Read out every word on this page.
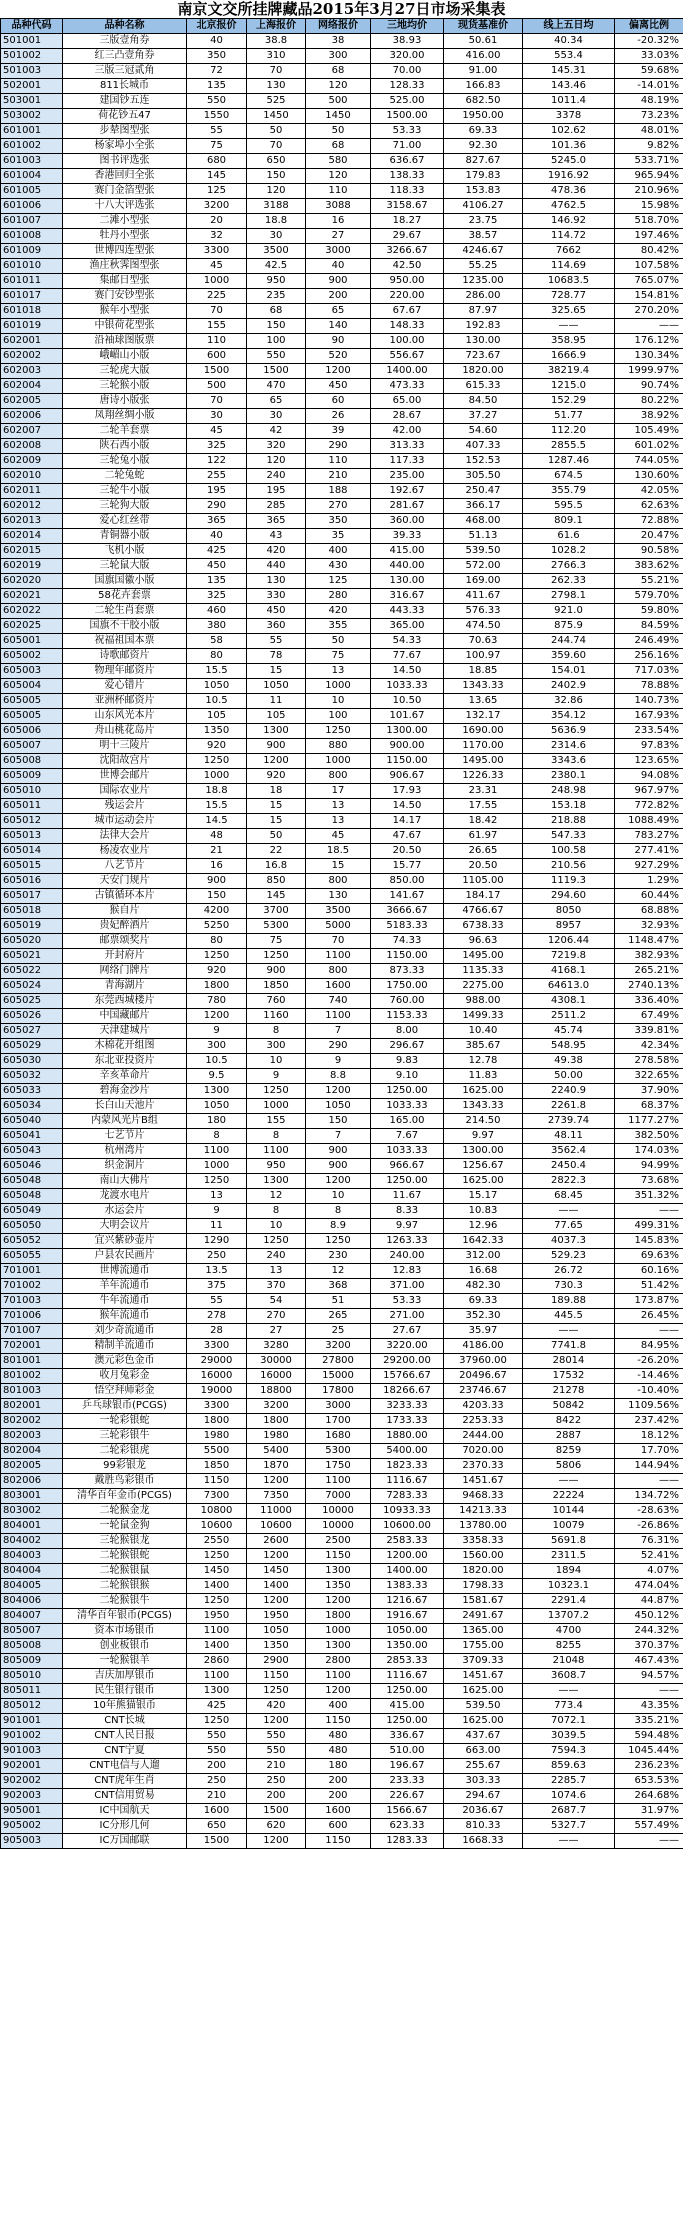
南京文交所挂牌藏品2015年3月27日市场采集表
品种代码	品种名称	北京报价	上海报价	网络报价	三地均价	现货基准价	线上五日均	偏离比例
501001	三版壹角券	40	38.8	38	38.93	50.61	40.34	-20.32%
501002	红三凸壹角券	350	310	300	320.00	416.00	553.4	33.03%
501003	三版三冠贰角	72	70	68	70.00	91.00	145.31	59.68%
502001	811长城币	135	130	120	128.33	166.83	143.46	-14.01%
503001	建国钞五连	550	525	500	525.00	682.50	1011.4	48.19%
503002	荷花钞五47	1550	1450	1450	1500.00	1950.00	3378	73.23%
601001	步辇图型张	55	50	50	53.33	69.33	102.62	48.01%
601002	杨家埠小全张	75	70	68	71.00	92.30	101.36	9.82%
601003	图书评选张	680	650	580	636.67	827.67	5245.0	533.71%
601004	香港回归全张	145	150	120	138.33	179.83	1916.92	965.94%
601005	赛门金箔型张	125	120	110	118.33	153.83	478.36	210.96%
601006	十八大评选张	3200	3188	3088	3158.67	4106.27	4762.5	15.98%
601007	二滩小型张	20	18.8	16	18.27	23.75	146.92	518.70%
601008	牡丹小型张	32	30	27	29.67	38.57	114.72	197.46%
601009	世博四连型张	3300	3500	3000	3266.67	4246.67	7662	80.42%
601010	渔庄秋霁图型张	45	42.5	40	42.50	55.25	114.69	107.58%
601011	集邮日型张	1000	950	900	950.00	1235.00	10683.5	765.07%
601017	赛门安钞型张	225	235	200	220.00	286.00	728.77	154.81%
601018	猴年小型张	70	68	65	67.67	87.97	325.65	270.20%
601019	中银荷花型张	155	150	140	148.33	192.83	——	——
602001	沿袖球图版票	110	100	90	100.00	130.00	358.95	176.12%
602002	峨嵋山小版	600	550	520	556.67	723.67	1666.9	130.34%
602003	三轮虎大版	1500	1500	1200	1400.00	1820.00	38219.4	1999.97%
602004	三轮猴小版	500	470	450	473.33	615.33	1215.0	90.74%
602005	唐诗小版张	70	65	60	65.00	84.50	152.29	80.22%
602006	凤翔丝绸小版	30	30	26	28.67	37.27	51.77	38.92%
602007	二轮羊套票	45	42	39	42.00	54.60	112.20	105.49%
602008	陕石西小版	325	320	290	313.33	407.33	2855.5	601.02%
602009	三轮兔小版	122	120	110	117.33	152.53	1287.46	744.05%
602010	二轮兔蛇	255	240	210	235.00	305.50	674.5	130.60%
602011	三轮牛小版	195	195	188	192.67	250.47	355.79	42.05%
602012	三轮狗大版	290	285	270	281.67	366.17	595.5	62.63%
602013	爱心红丝带	365	365	350	360.00	468.00	809.1	72.88%
602014	青铜器小版	40	43	35	39.33	51.13	61.6	20.47%
602015	飞机小版	425	420	400	415.00	539.50	1028.2	90.58%
602019	三轮鼠大版	450	440	430	440.00	572.00	2766.3	383.62%
602020	国旗国徽小版	135	130	125	130.00	169.00	262.33	55.21%
602021	58花卉套票	325	330	280	316.67	411.67	2798.1	579.70%
602022	二轮生肖套票	460	450	420	443.33	576.33	921.0	59.80%
602025	国旗不干胶小版	380	360	355	365.00	474.50	875.9	84.59%
605001	祝福祖国本票	58	55	50	54.33	70.63	244.74	246.49%
605002	诗歌邮资片	80	78	75	77.67	100.97	359.60	256.16%
605003	物理年邮资片	15.5	15	13	14.50	18.85	154.01	717.03%
605004	爱心错片	1050	1050	1000	1033.33	1343.33	2402.9	78.88%
605005	亚洲杯邮资片	10.5	11	10	10.50	13.65	32.86	140.73%
605005	山东风光本片	105	105	100	101.67	132.17	354.12	167.93%
605006	舟山桃花岛片	1350	1300	1250	1300.00	1690.00	5636.9	233.54%
605007	明十三陵片	920	900	880	900.00	1170.00	2314.6	97.83%
605008	沈阳故宫片	1250	1200	1000	1150.00	1495.00	3343.6	123.65%
605009	世博会邮片	1000	920	800	906.67	1226.33	2380.1	94.08%
605010	国际农业片	18.8	18	17	17.93	23.31	248.98	967.97%
605011	残运会片	15.5	15	13	14.50	17.55	153.18	772.82%
605012	城市运动会片	14.5	15	13	14.17	18.42	218.88	1088.49%
605013	法律大会片	48	50	45	47.67	61.97	547.33	783.27%
605014	杨凌农业片	21	22	18.5	20.50	26.65	100.58	277.41%
605015	八艺节片	16	16.8	15	15.77	20.50	210.56	927.29%
605016	天安门规片	900	850	800	850.00	1105.00	1119.3	1.29%
605017	古镇循环本片	150	145	130	141.67	184.17	294.60	60.44%
605018	猴自片	4200	3700	3500	3666.67	4766.67	8050	68.88%
605019	贵妃醉酒片	5250	5300	5000	5183.33	6738.33	8957	32.93%
605020	邮票颂奖片	80	75	70	74.33	96.63	1206.44	1148.47%
605021	开封府片	1250	1250	1100	1150.00	1495.00	7219.8	382.93%
605022	网络门牌片	920	900	800	873.33	1135.33	4168.1	265.21%
605024	青海湖片	1800	1850	1600	1750.00	2275.00	64613.0	2740.13%
605025	东莞西城楼片	780	760	740	760.00	988.00	4308.1	336.40%
605026	中国藏邮片	1200	1160	1100	1153.33	1499.33	2511.2	67.49%
605027	天津建城片	9	8	7	8.00	10.40	45.74	339.81%
605029	木棉花开组图	300	300	290	296.67	385.67	548.95	42.34%
605030	东北亚投资片	10.5	10	9	9.83	12.78	49.38	278.58%
605032	辛亥革命片	9.5	9	8.8	9.10	11.83	50.00	322.65%
605033	碧海金沙片	1300	1250	1200	1250.00	1625.00	2240.9	37.90%
605034	长白山天池片	1050	1000	1050	1033.33	1343.33	2261.8	68.37%
605040	内蒙风光片B组	180	155	150	165.00	214.50	2739.74	1177.27%
605041	七艺节片	8	8	7	7.67	9.97	48.11	382.50%
605043	杭州湾片	1100	1100	900	1033.33	1300.00	3562.4	174.03%
605046	织金洞片	1000	950	900	966.67	1256.67	2450.4	94.99%
605048	南山大佛片	1250	1300	1200	1250.00	1625.00	2822.3	73.68%
605048	龙渡水电片	13	12	10	11.67	15.17	68.45	351.32%
605049	水运会片	9	8	8	8.33	10.83	——	——
605050	大明会议片	11	10	8.9	9.97	12.96	77.65	499.31%
605052	宜兴紫砂壶片	1290	1250	1250	1263.33	1642.33	4037.3	145.83%
605055	户县农民画片	250	240	230	240.00	312.00	529.23	69.63%
701001	世博流通币	13.5	13	12	12.83	16.68	26.72	60.16%
701002	羊年流通币	375	370	368	371.00	482.30	730.3	51.42%
701003	牛年流通币	55	54	51	53.33	69.33	189.88	173.87%
701006	猴年流通币	278	270	265	271.00	352.30	445.5	26.45%
701007	刘少奇流通币	28	27	25	27.67	35.97	——	——
702001	精制羊流通币	3300	3280	3200	3220.00	4186.00	7741.8	84.95%
801001	澳元彩色金币	29000	30000	27800	29200.00	37960.00	28014	-26.20%
801002	收月兔彩金	16000	16000	15000	15766.67	20496.67	17532	-14.46%
801003	悟空拜师彩金	19000	18800	17800	18266.67	23746.67	21278	-10.40%
802001	乒乓球银币(PCGS)	3300	3200	3000	3233.33	4203.33	50842	1109.56%
802002	一轮彩银蛇	1800	1800	1700	1733.33	2253.33	8422	237.42%
802003	三轮彩银牛	1980	1980	1680	1880.00	2444.00	2887	18.12%
802004	二轮彩银虎	5500	5400	5300	5400.00	7020.00	8259	17.70%
802005	99彩银龙	1850	1870	1750	1823.33	2370.33	5806	144.94%
802006	戴胜鸟彩银币	1150	1200	1100	1116.67	1451.67	——	——
803001	清华百年金币(PCGS)	7300	7350	7000	7283.33	9468.33	22224	134.72%
803002	二轮猴金龙	10800	11000	10000	10933.33	14213.33	10144	-28.63%
804001	一轮鼠金狗	10600	10600	10000	10600.00	13780.00	10079	-26.86%
804002	三轮猴银龙	2550	2600	2500	2583.33	3358.33	5691.8	76.31%
804003	二轮猴银蛇	1250	1200	1150	1200.00	1560.00	2311.5	52.41%
804004	二轮猴银鼠	1450	1450	1300	1400.00	1820.00	1894	4.07%
804005	二轮猴银猴	1400	1400	1350	1383.33	1798.33	10323.1	474.04%
804006	二轮猴银牛	1250	1200	1200	1216.67	1581.67	2291.4	44.87%
804007	清华百年银币(PCGS)	1950	1950	1800	1916.67	2491.67	13707.2	450.12%
805007	资本市场银币	1100	1050	1000	1050.00	1365.00	4700	244.32%
805008	创业板银币	1400	1350	1300	1350.00	1755.00	8255	370.37%
805009	一轮猴银羊	2860	2900	2800	2853.33	3709.33	21048	467.43%
805010	吉庆加厚银币	1100	1150	1100	1116.67	1451.67	3608.7	94.57%
805011	民生银行银币	1300	1250	1200	1250.00	1625.00	——	——
805012	10年熊猫银币	425	420	400	415.00	539.50	773.4	43.35%
901001	CNT长城	1250	1200	1150	1250.00	1625.00	7072.1	335.21%
901002	CNT人民日报	550	550	480	336.67	437.67	3039.5	594.48%
901003	CNT宁夏	550	550	480	510.00	663.00	7594.3	1045.44%
902001	CNT电信与人遛	200	210	180	196.67	255.67	859.63	236.23%
902002	CNT虎年生肖	250	250	200	233.33	303.33	2285.7	653.53%
902003	CNT信用贸易	210	200	200	226.67	294.67	1074.6	264.68%
905001	IC中国航天	1600	1500	1600	1566.67	2036.67	2687.7	31.97%
905002	IC分形几何	650	620	600	623.33	810.33	5327.7	557.49%
905003	IC万国邮联	1500	1200	1150	1283.33	1668.33	——	——
